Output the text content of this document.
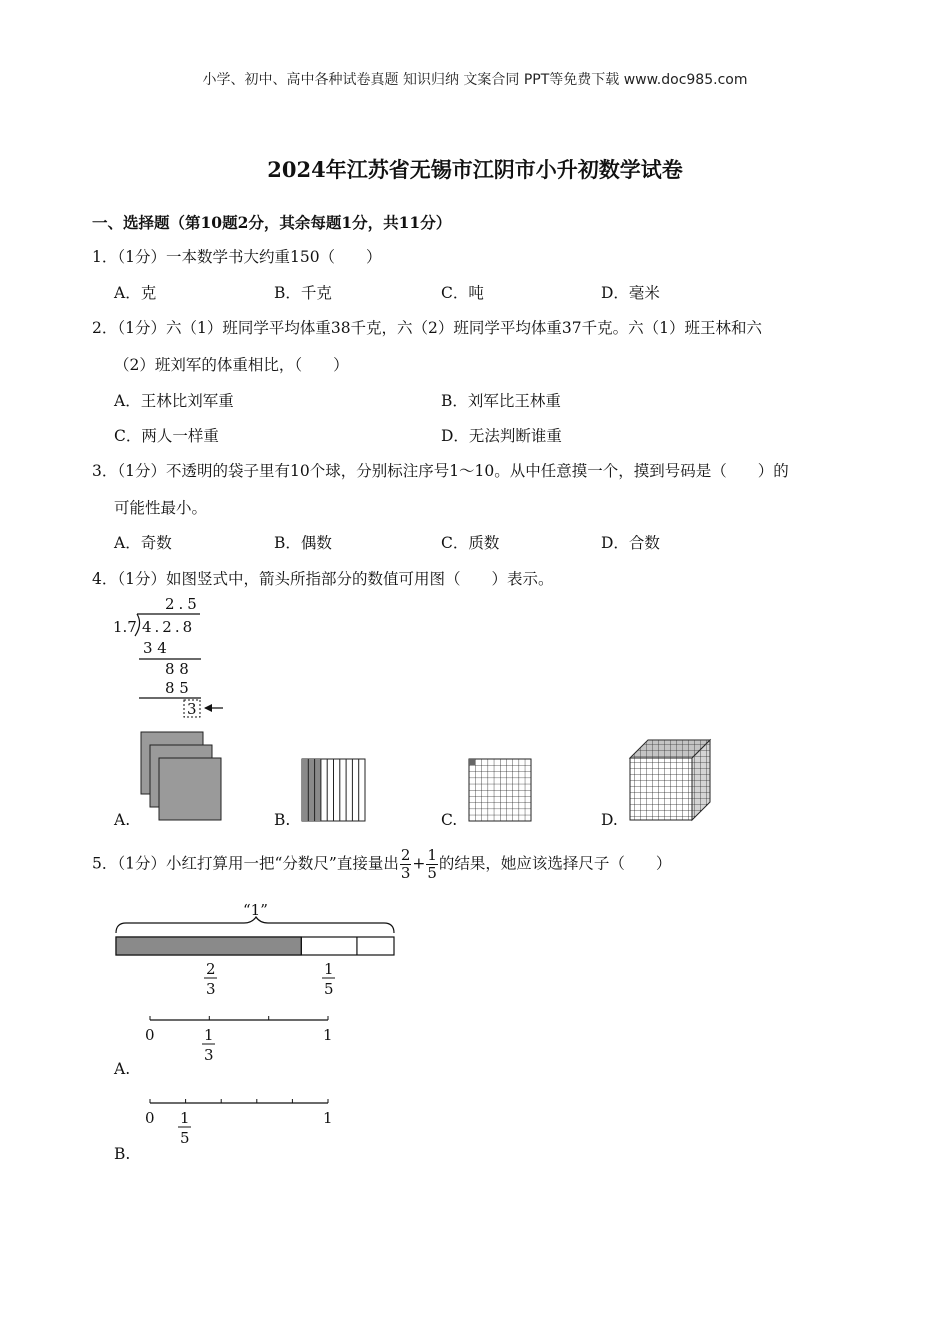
小学、初中、高中各种试卷真题 知识归纳 文案合同 PPT等免费下载 www.doc985.com
2024年江苏省无锡市江阴市小升初数学试卷
一、选择题（第10题2分，其余每题1分，共11分）
1．（1分）一本数学书大约重150（　　）
A．克	B．千克	C．吨	D．毫米
2．（1分）六（1）班同学平均体重38千克，六（2）班同学平均体重37千克。六（1）班王林和六
（2）班刘军的体重相比，（　　）
A．王林比刘军重	B．刘军比王林重
C．两人一样重	D．无法判断谁重
3．（1分）不透明的袋子里有10个球，分别标注序号1～10。从中任意摸一个，摸到号码是（　　）的
可能性最小。
A．奇数	B．偶数	C．质数	D．合数
4．（1分）如图竖式中，箭头所指部分的数值可用图（　　）表示。
2.5
1.7 4.2.8
3 4
8 8
8 5
3
A.	B.	C.	D.
5．（1分）小红打算用一把“分数尺”直接量出 $\frac{2}{3} + \frac{1}{5}$ 的结果，她应该选择尺子（　　）
“1”
2
3
1
5
0	1
1
3
A.
0	1
1
5
B.
